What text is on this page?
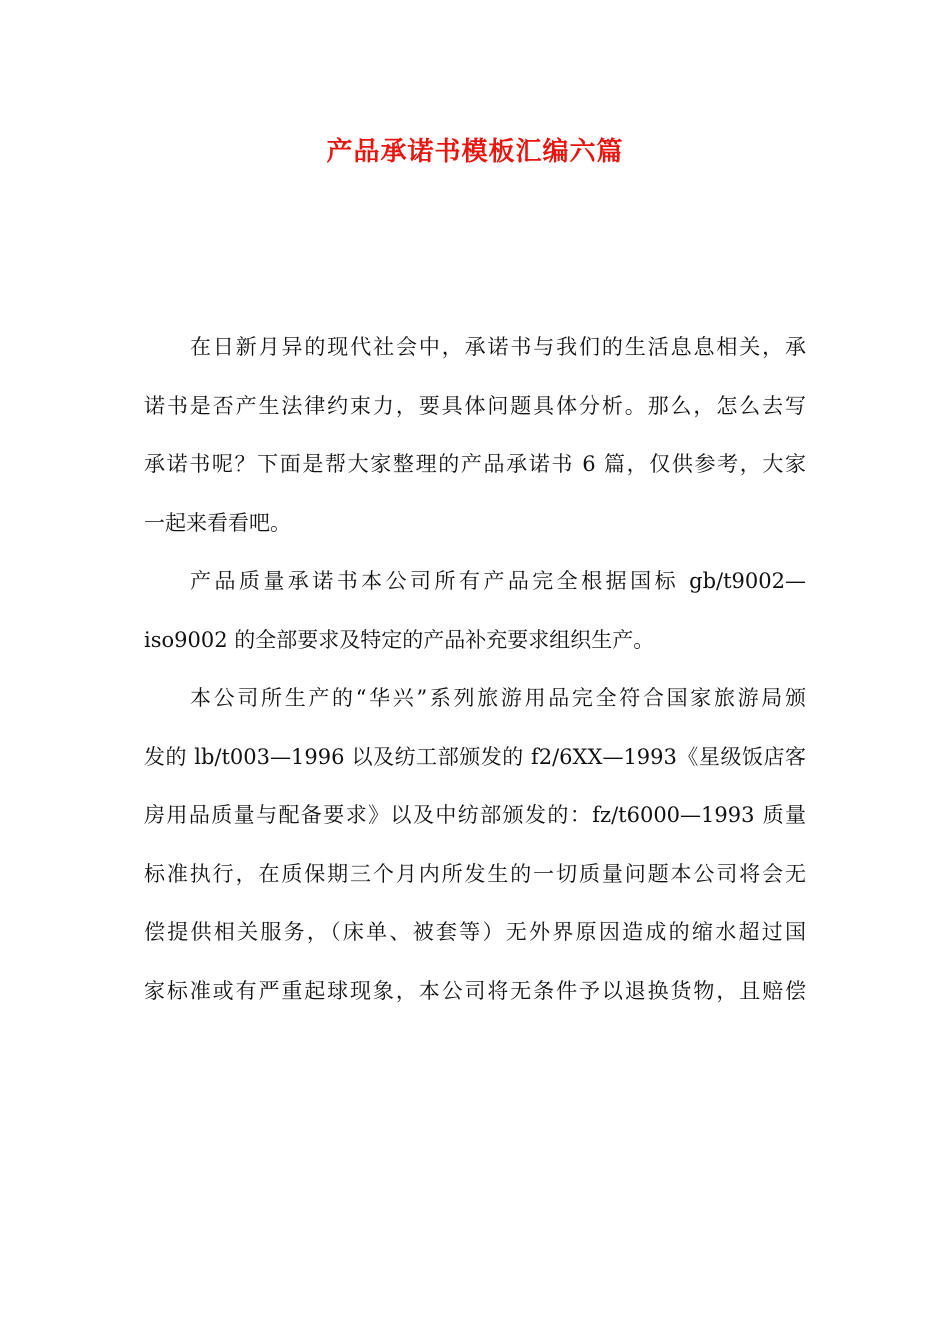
产品承诺书模板汇编六篇
在日新月异的现代社会中，承诺书与我们的生活息息相关，承
诺书是否产生法律约束力，要具体问题具体分析。那么，怎么去写
承诺书呢？下面是帮大家整理的产品承诺书 6 篇，仅供参考，大家
一起来看看吧。
产品质量承诺书本公司所有产品完全根据国标 gb/t9002—
iso9002 的全部要求及特定的产品补充要求组织生产。
本公司所生产的“华兴”系列旅游用品完全符合国家旅游局颁
发的 lb/t003—1996 以及纺工部颁发的 f2/6XX—1993《星级饭店客
房用品质量与配备要求》以及中纺部颁发的：fz/t6000—1993 质量
标准执行，在质保期三个月内所发生的一切质量问题本公司将会无
偿提供相关服务，（床单、被套等）无外界原因造成的缩水超过国
家标准或有严重起球现象，本公司将无条件予以退换货物，且赔偿
